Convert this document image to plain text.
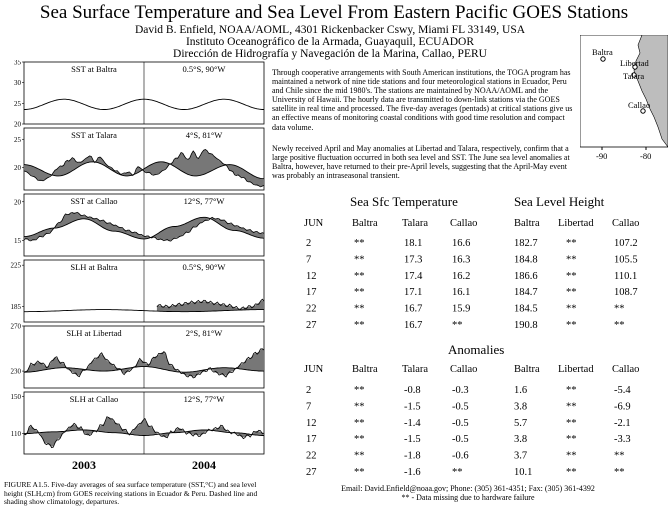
Sea Surface Temperature and Sea Level From Eastern Pacific GOES Stations
David B. Enfield, NOAA/AOML, 4301 Rickenbacker Cswy, Miami FL 33149, USA
Instituto Oceanográfico de la Armada, Guayaquil, ECUADOR
Dirección de Hidrografía y Navegación de la Marina, Callao, PERU
Through cooperative arrangements with South American institutions, the TOGA program has maintained a network of nine tide stations and four meteorological stations in Ecuador, Peru and Chile since the mid 1980's. The stations are maintained by NOAA/AOML and the University of Hawaii. The hourly data are transmitted to down-link stations via the GOES satellite in real time and processed. The five-day averages (pentads) at critical stations give us an effective means of monitoring coastal conditions with good time resolution and compact data volume.
Newly received April and May anomalies at Libertad and Talara, respectively, confirm that a large positive fluctuation occurred in both sea level and SST. The June sea level anomalies at Baltra, however, have returned to their pre-April levels, suggesting that the April-May event was probably an intraseasonal transient.
Baltra
Libertad
Talara
Callao
-90	-80
Sea Sfc Temperature	Sea Level Height
JUN	Baltra Talara Callao	Baltra Libertad Callao
2	**	18.1	16.6	182.7	**	107.2
7	**	17.3	16.3	184.8	**	105.5
12	**	17.4	16.2	186.6	**	110.1
17	**	17.1	16.1	184.7	**	108.7
22	**	16.7	15.9	184.5	**	**
27	**	16.7	**	190.8	**	**
Anomalies
JUN	Baltra Talara Callao	Baltra Libertad Callao
2	**	-0.8	-0.3	1.6	**	-5.4
7	**	-1.5	-0.5	3.8	**	-6.9
12	**	-1.4	-0.5	5.7	**	-2.1
17	**	-1.5	-0.5	3.8	**	-3.3
22	**	-1.8	-0.6	3.7	**	**
27	**	-1.6	**	10.1	**	**
35
30
25
20
SST at Baltra	0.5°S, 90°W
25
20
SST at Talara	4°S, 81°W
20
15
SST at Callao	12°S, 77°W
225
185
SLH at Baltra	0.5°S, 90°W
270
230
SLH at Libertad	2°S, 81°W
150
110
SLH at Callao	12°S, 77°W
2003	2004
FIGURE A1.5. Five-day averages of sea surface temperature (SST,°C) and sea level height (SLH,cm) from GOES receiving stations in Ecuador & Peru. Dashed line and shading show climatology, departures.
Email: David.Enfield@noaa.gov; Phone: (305) 361-4351; Fax: (305) 361-4392
** - Data missing due to hardware failure
